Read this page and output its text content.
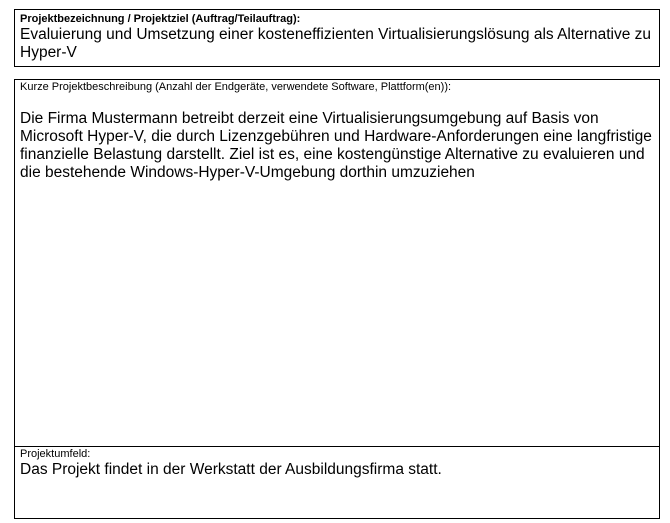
Projektbezeichnung / Projektziel (Auftrag/Teilauftrag):
Evaluierung und Umsetzung einer kosteneffizienten Virtualisierungslösung als Alternative zu Hyper-V
Kurze Projektbeschreibung (Anzahl der Endgeräte, verwendete Software, Plattform(en)):
Die Firma Mustermann betreibt derzeit eine Virtualisierungsumgebung auf Basis von Microsoft Hyper-V, die durch Lizenzgebühren und Hardware-Anforderungen eine langfristige finanzielle Belastung darstellt. Ziel ist es, eine kostengünstige Alternative zu evaluieren und die bestehende Windows-Hyper-V-Umgebung dorthin umzuziehen
Projektumfeld:
Das Projekt findet in der Werkstatt der Ausbildungsfirma statt.
